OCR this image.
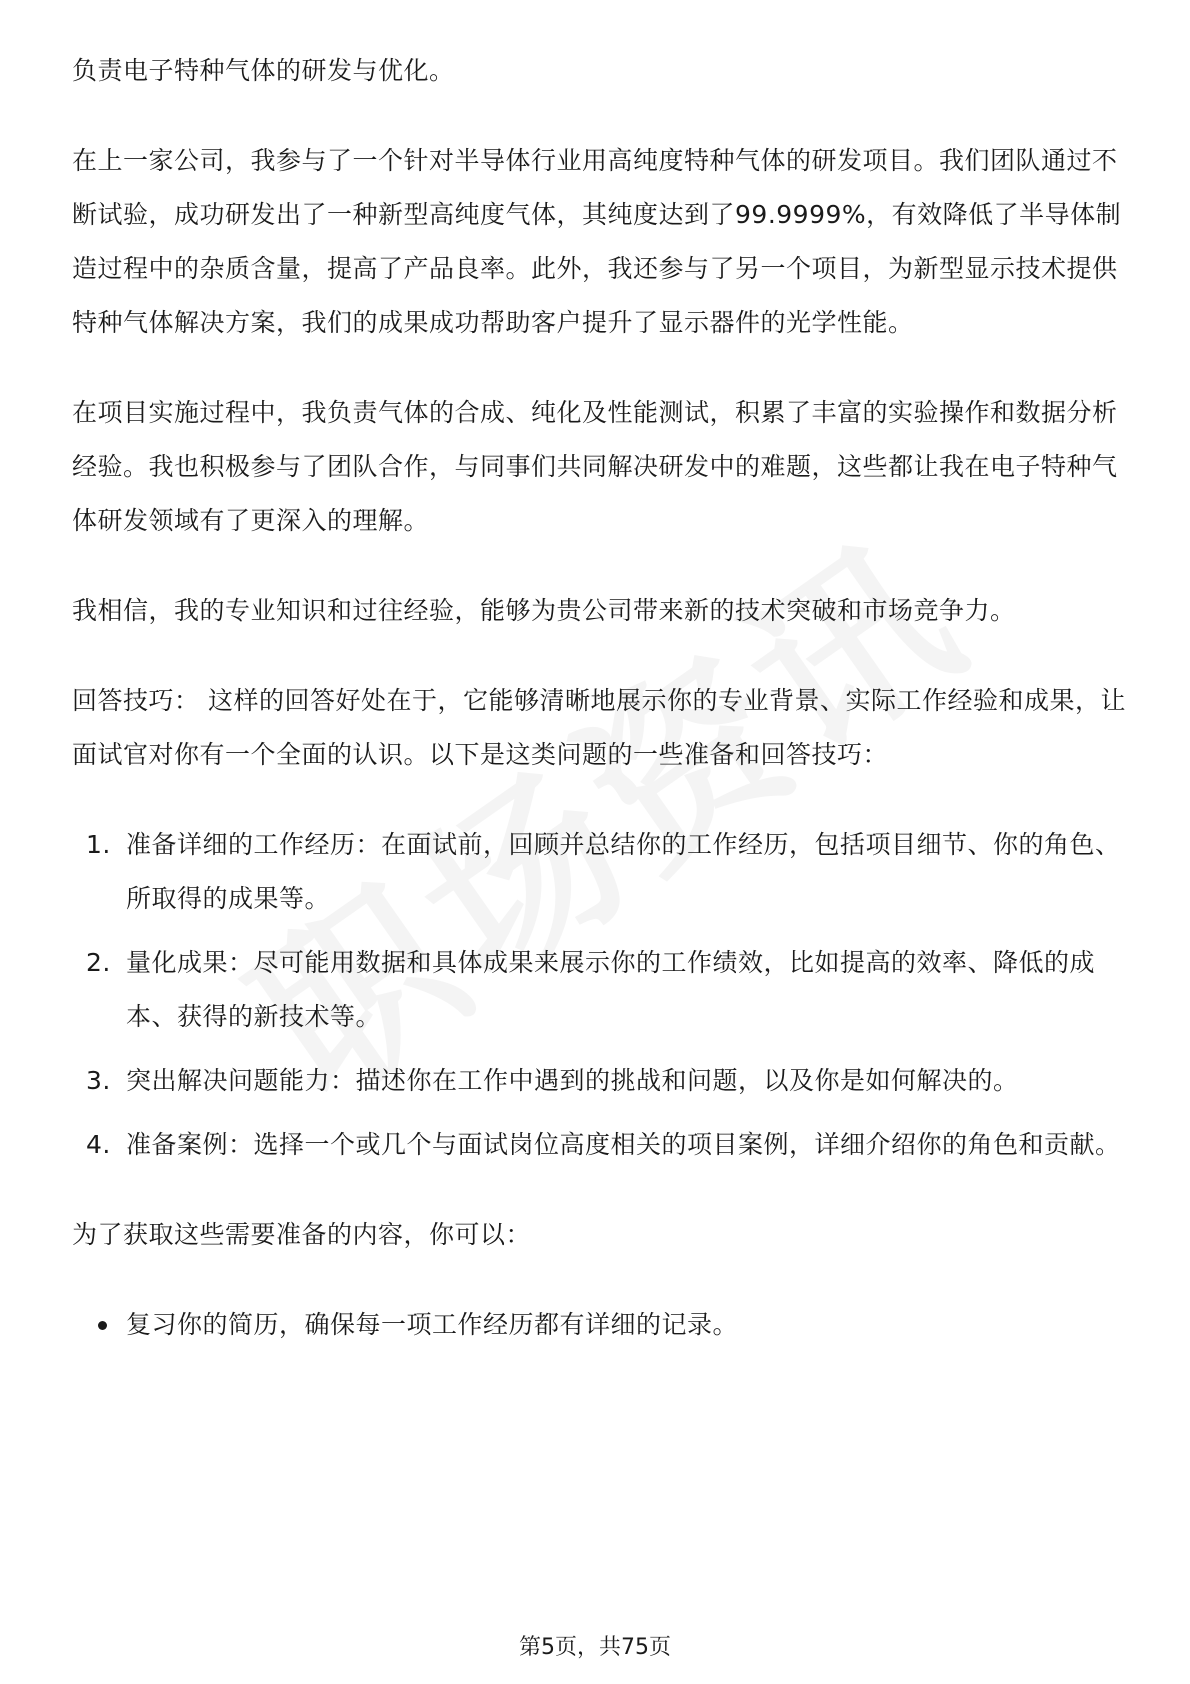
负责电子特种气体的研发与优化。

在上一家公司，我参与了一个针对半导体行业用高纯度特种气体的研发项目。我们团队通过不断试验，成功研发出了一种新型高纯度气体，其纯度达到了99.9999%，有效降低了半导体制造过程中的杂质含量，提高了产品良率。此外，我还参与了另一个项目，为新型显示技术提供特种气体解决方案，我们的成果成功帮助客户提升了显示器件的光学性能。

在项目实施过程中，我负责气体的合成、纯化及性能测试，积累了丰富的实验操作和数据分析经验。我也积极参与了团队合作，与同事们共同解决研发中的难题，这些都让我在电子特种气体研发领域有了更深入的理解。

我相信，我的专业知识和过往经验，能够为贵公司带来新的技术突破和市场竞争力。

回答技巧： 这样的回答好处在于，它能够清晰地展示你的专业背景、实际工作经验和成果，让面试官对你有一个全面的认识。以下是这类问题的一些准备和回答技巧：

1. 准备详细的工作经历：在面试前，回顾并总结你的工作经历，包括项目细节、你的角色、所取得的成果等。
2. 量化成果：尽可能用数据和具体成果来展示你的工作绩效，比如提高的效率、降低的成本、获得的新技术等。
3. 突出解决问题能力：描述你在工作中遇到的挑战和问题，以及你是如何解决的。
4. 准备案例：选择一个或几个与面试岗位高度相关的项目案例，详细介绍你的角色和贡献。

为了获取这些需要准备的内容，你可以：

复习你的简历，确保每一项工作经历都有详细的记录。
第5页，共75页
